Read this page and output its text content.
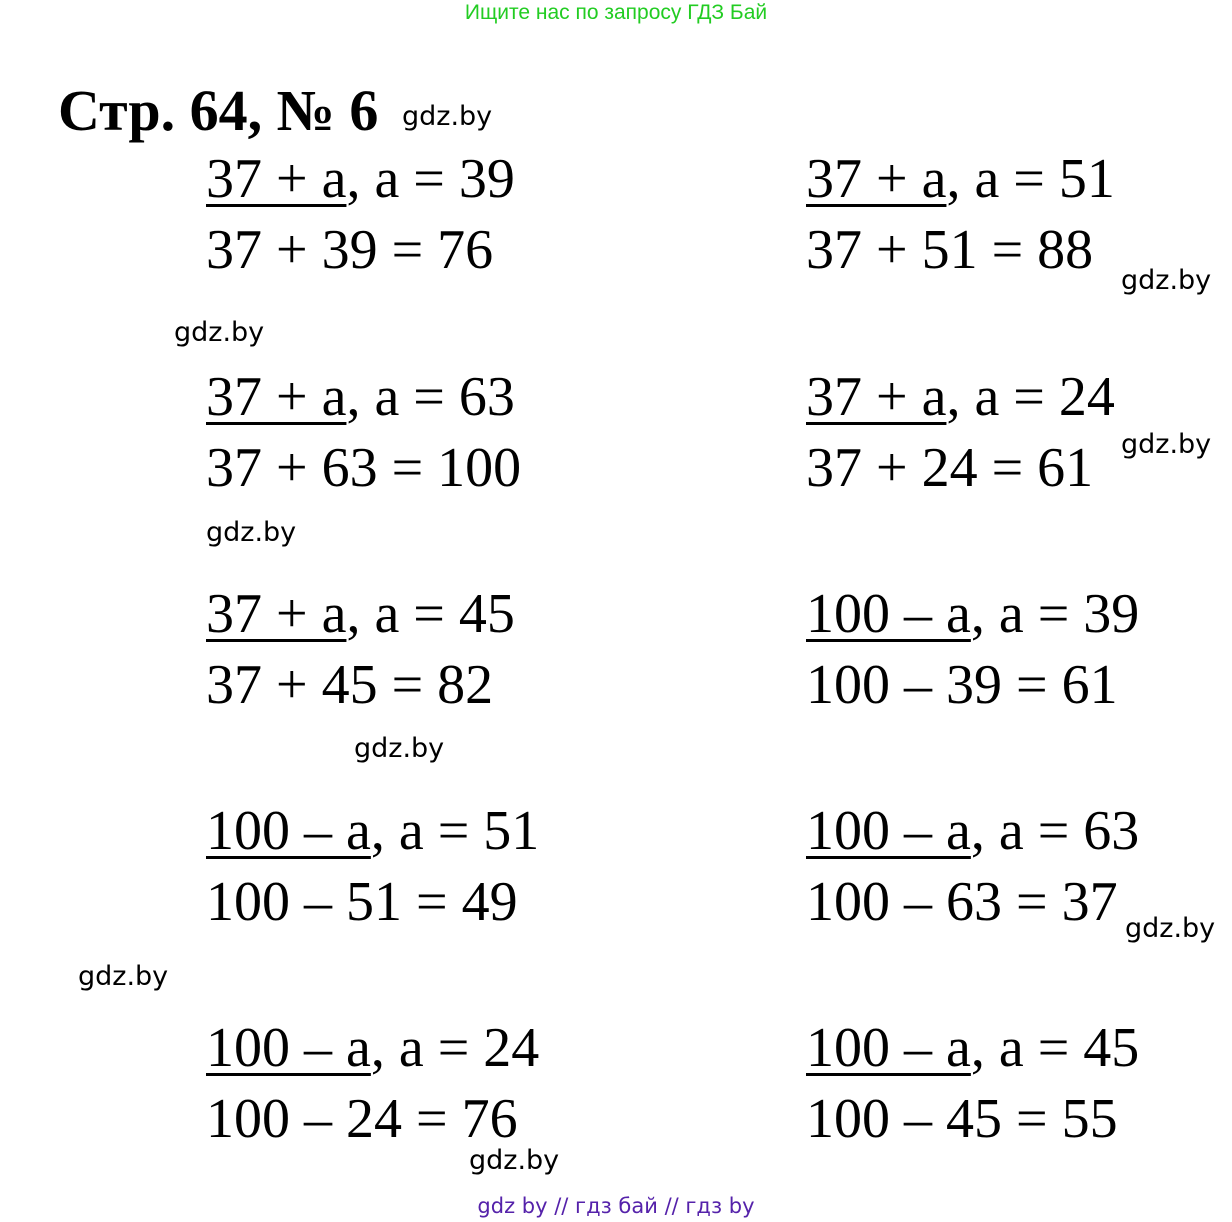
Ищите нас по запросу ГДЗ Бай
Стр. 64, № 6 gdz.by
37 + a, a = 39
37 + 39 = 76
37 + a, a = 51
37 + 51 = 88 gdz.by
gdz.by
37 + a, a = 63
37 + 63 = 100
37 + a, a = 24
37 + 24 = 61 gdz.by
gdz.by
37 + a, a = 45
37 + 45 = 82
100 – a, a = 39
100 – 39 = 61
gdz.by
100 – a, a = 51
100 – 51 = 49
100 – a, a = 63
100 – 63 = 37 gdz.by
gdz.by
100 – a, a = 24
100 – 24 = 76
100 – a, a = 45
100 – 45 = 55
gdz.by
gdz by // гдз бай // гдз by
